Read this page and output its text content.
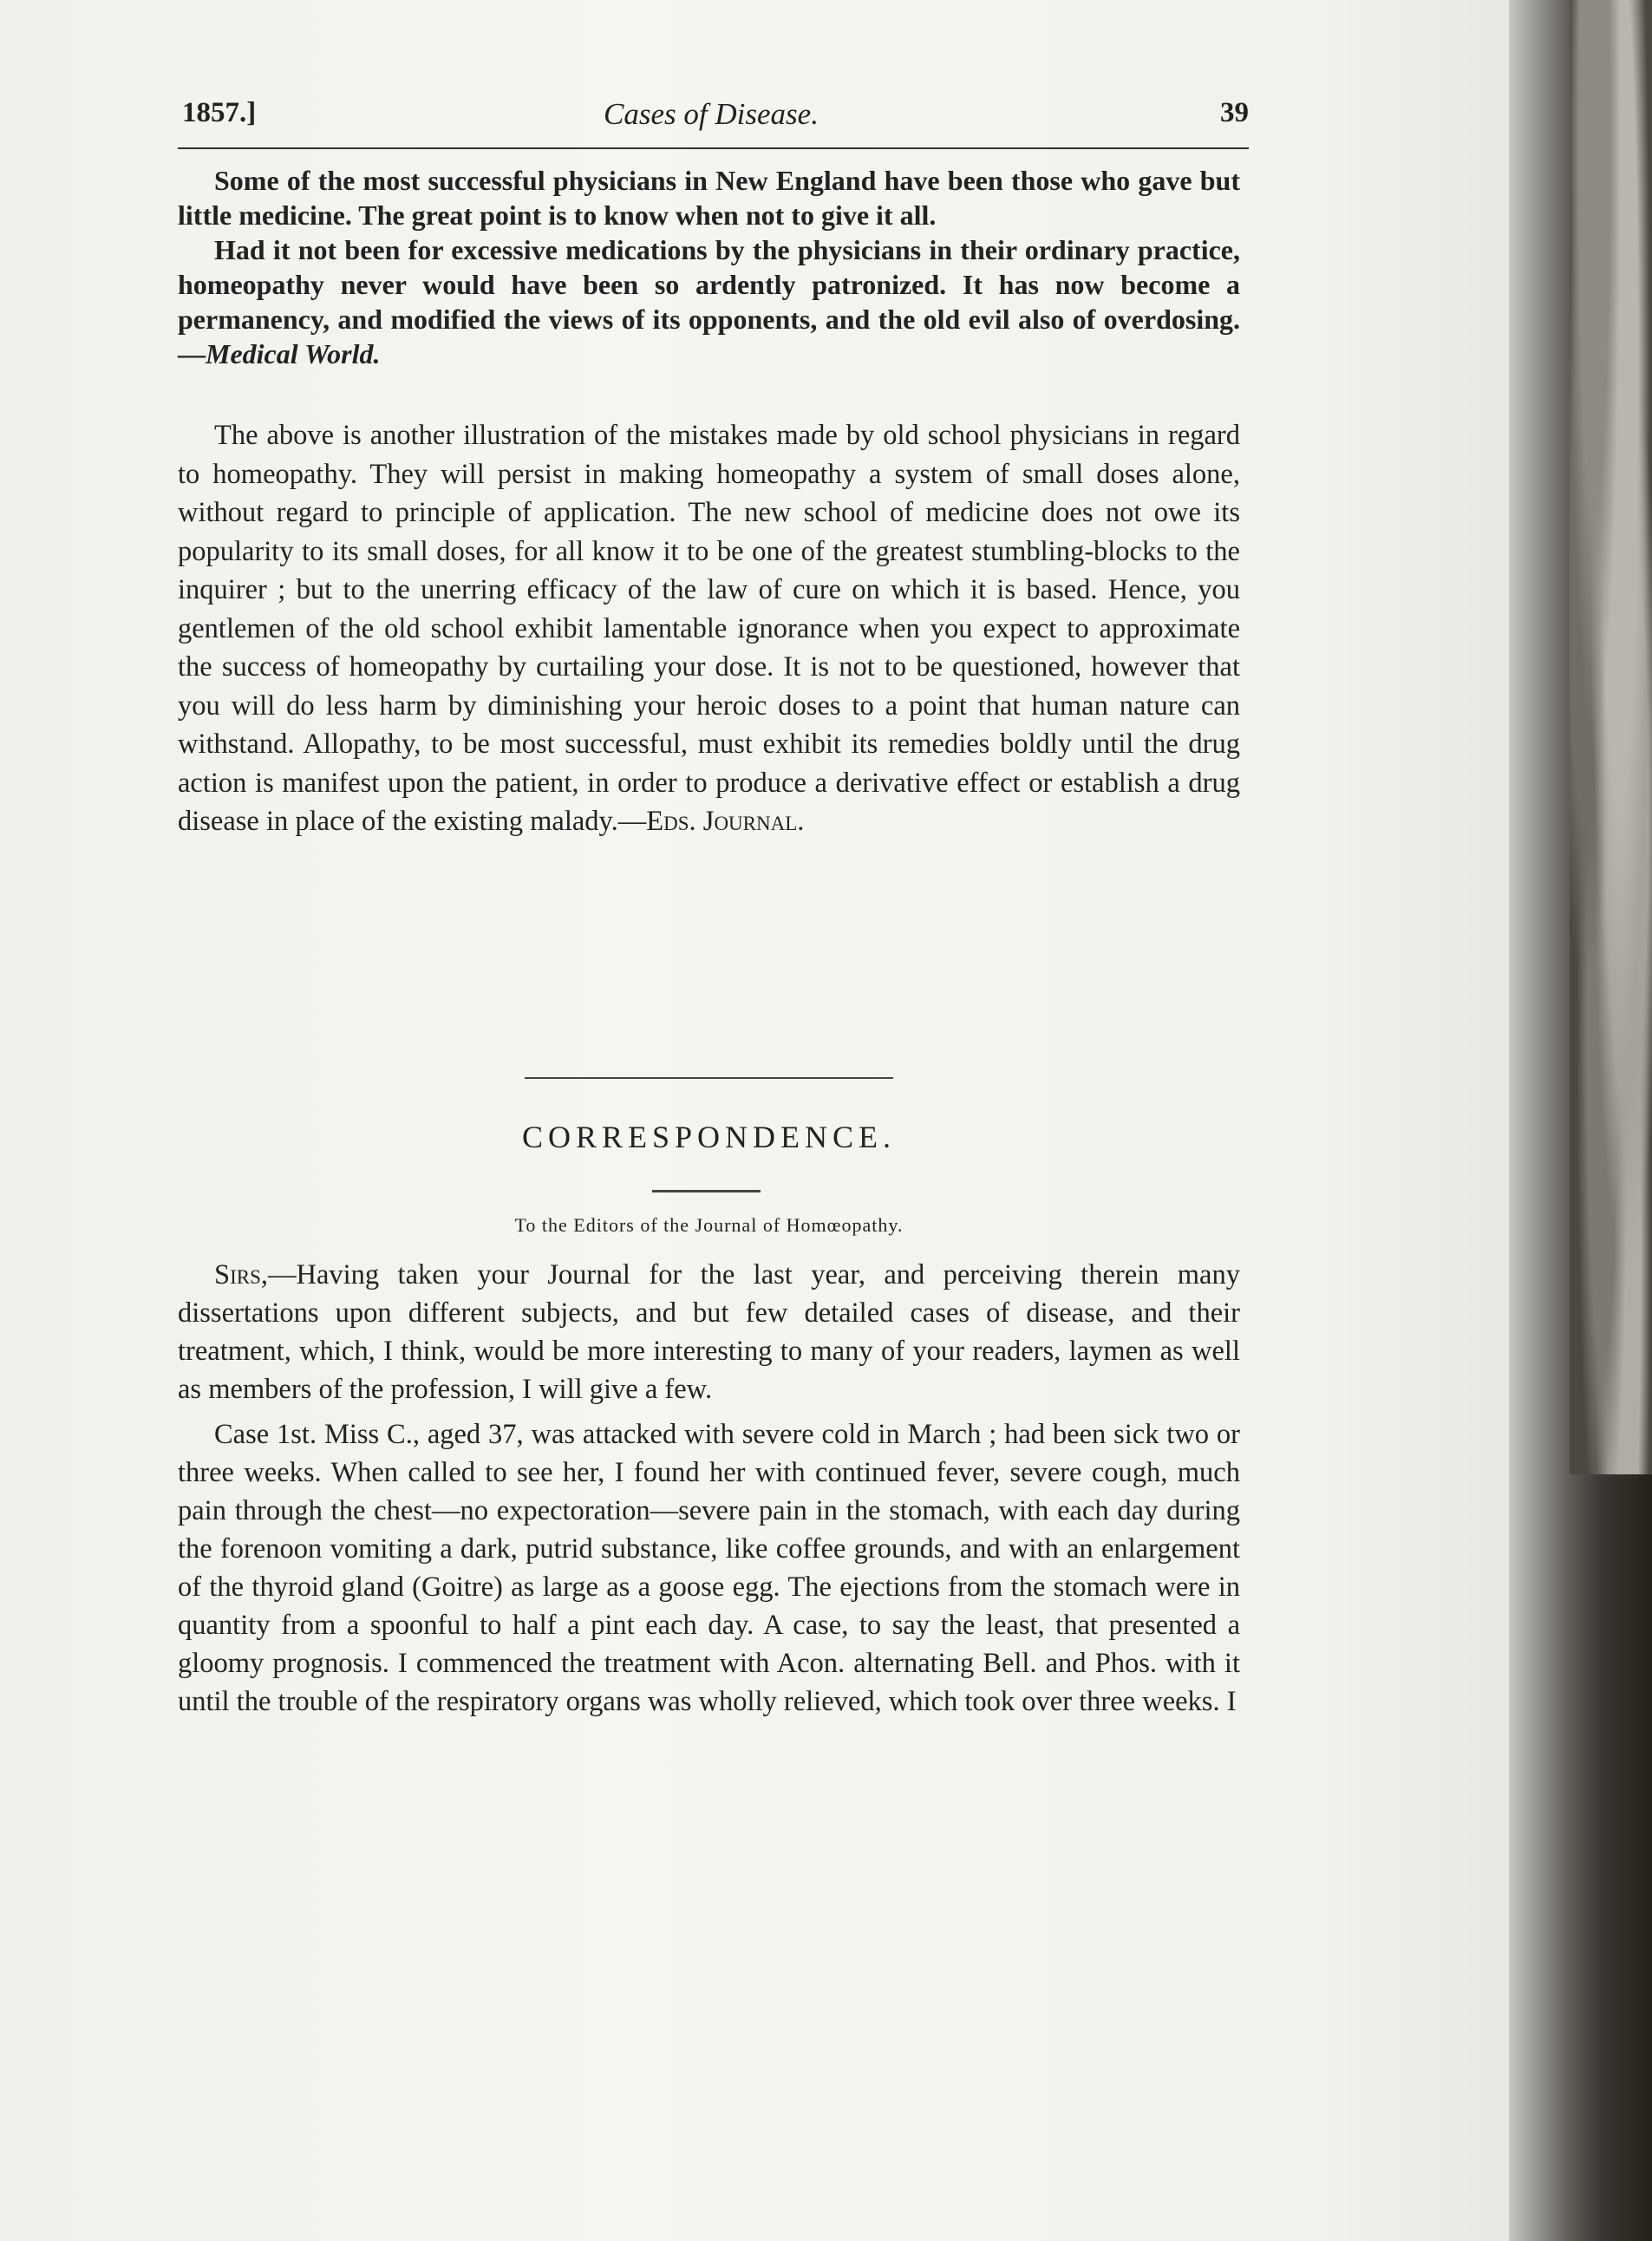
1857.]	Cases of Disease.	39

Some of the most successful physicians in New England have been those who gave but little medicine. The great point is to know when not to give it all.

Had it not been for excessive medications by the physicians in their ordinary practice, homeopathy never would have been so ardently patronized. It has now become a permanency, and modified the views of its opponents, and the old evil also of overdosing.—Medical World.

The above is another illustration of the mistakes made by old school physicians in regard to homeopathy. They will persist in making homeopathy a system of small doses alone, without regard to principle of application. The new school of medicine does not owe its popularity to its small doses, for all know it to be one of the greatest stumbling-blocks to the inquirer ; but to the unerring efficacy of the law of cure on which it is based. Hence, you gentlemen of the old school exhibit lamentable ignorance when you expect to approximate the success of homeopathy by curtailing your dose. It is not to be questioned, however that you will do less harm by diminishing your heroic doses to a point that human nature can withstand. Allopathy, to be most successful, must exhibit its remedies boldly until the drug action is manifest upon the patient, in order to produce a derivative effect or establish a drug disease in place of the existing malady.—Eds. Journal.

CORRESPONDENCE.
To the Editors of the Journal of Homœopathy.

Sirs,—Having taken your Journal for the last year, and perceiving therein many dissertations upon different subjects, and but few detailed cases of disease, and their treatment, which, I think, would be more interesting to many of your readers, laymen as well as members of the profession, I will give a few.

Case 1st. Miss C., aged 37, was attacked with severe cold in March ; had been sick two or three weeks. When called to see her, I found her with continued fever, severe cough, much pain through the chest—no expectoration—severe pain in the stomach, with each day during the forenoon vomiting a dark, putrid substance, like coffee grounds, and with an enlargement of the thyroid gland (Goitre) as large as a goose egg. The ejections from the stomach were in quantity from a spoonful to half a pint each day. A case, to say the least, that presented a gloomy prognosis. I commenced the treatment with Acon. alternating Bell. and Phos. with it until the trouble of the respiratory organs was wholly relieved, which took over three weeks. I
